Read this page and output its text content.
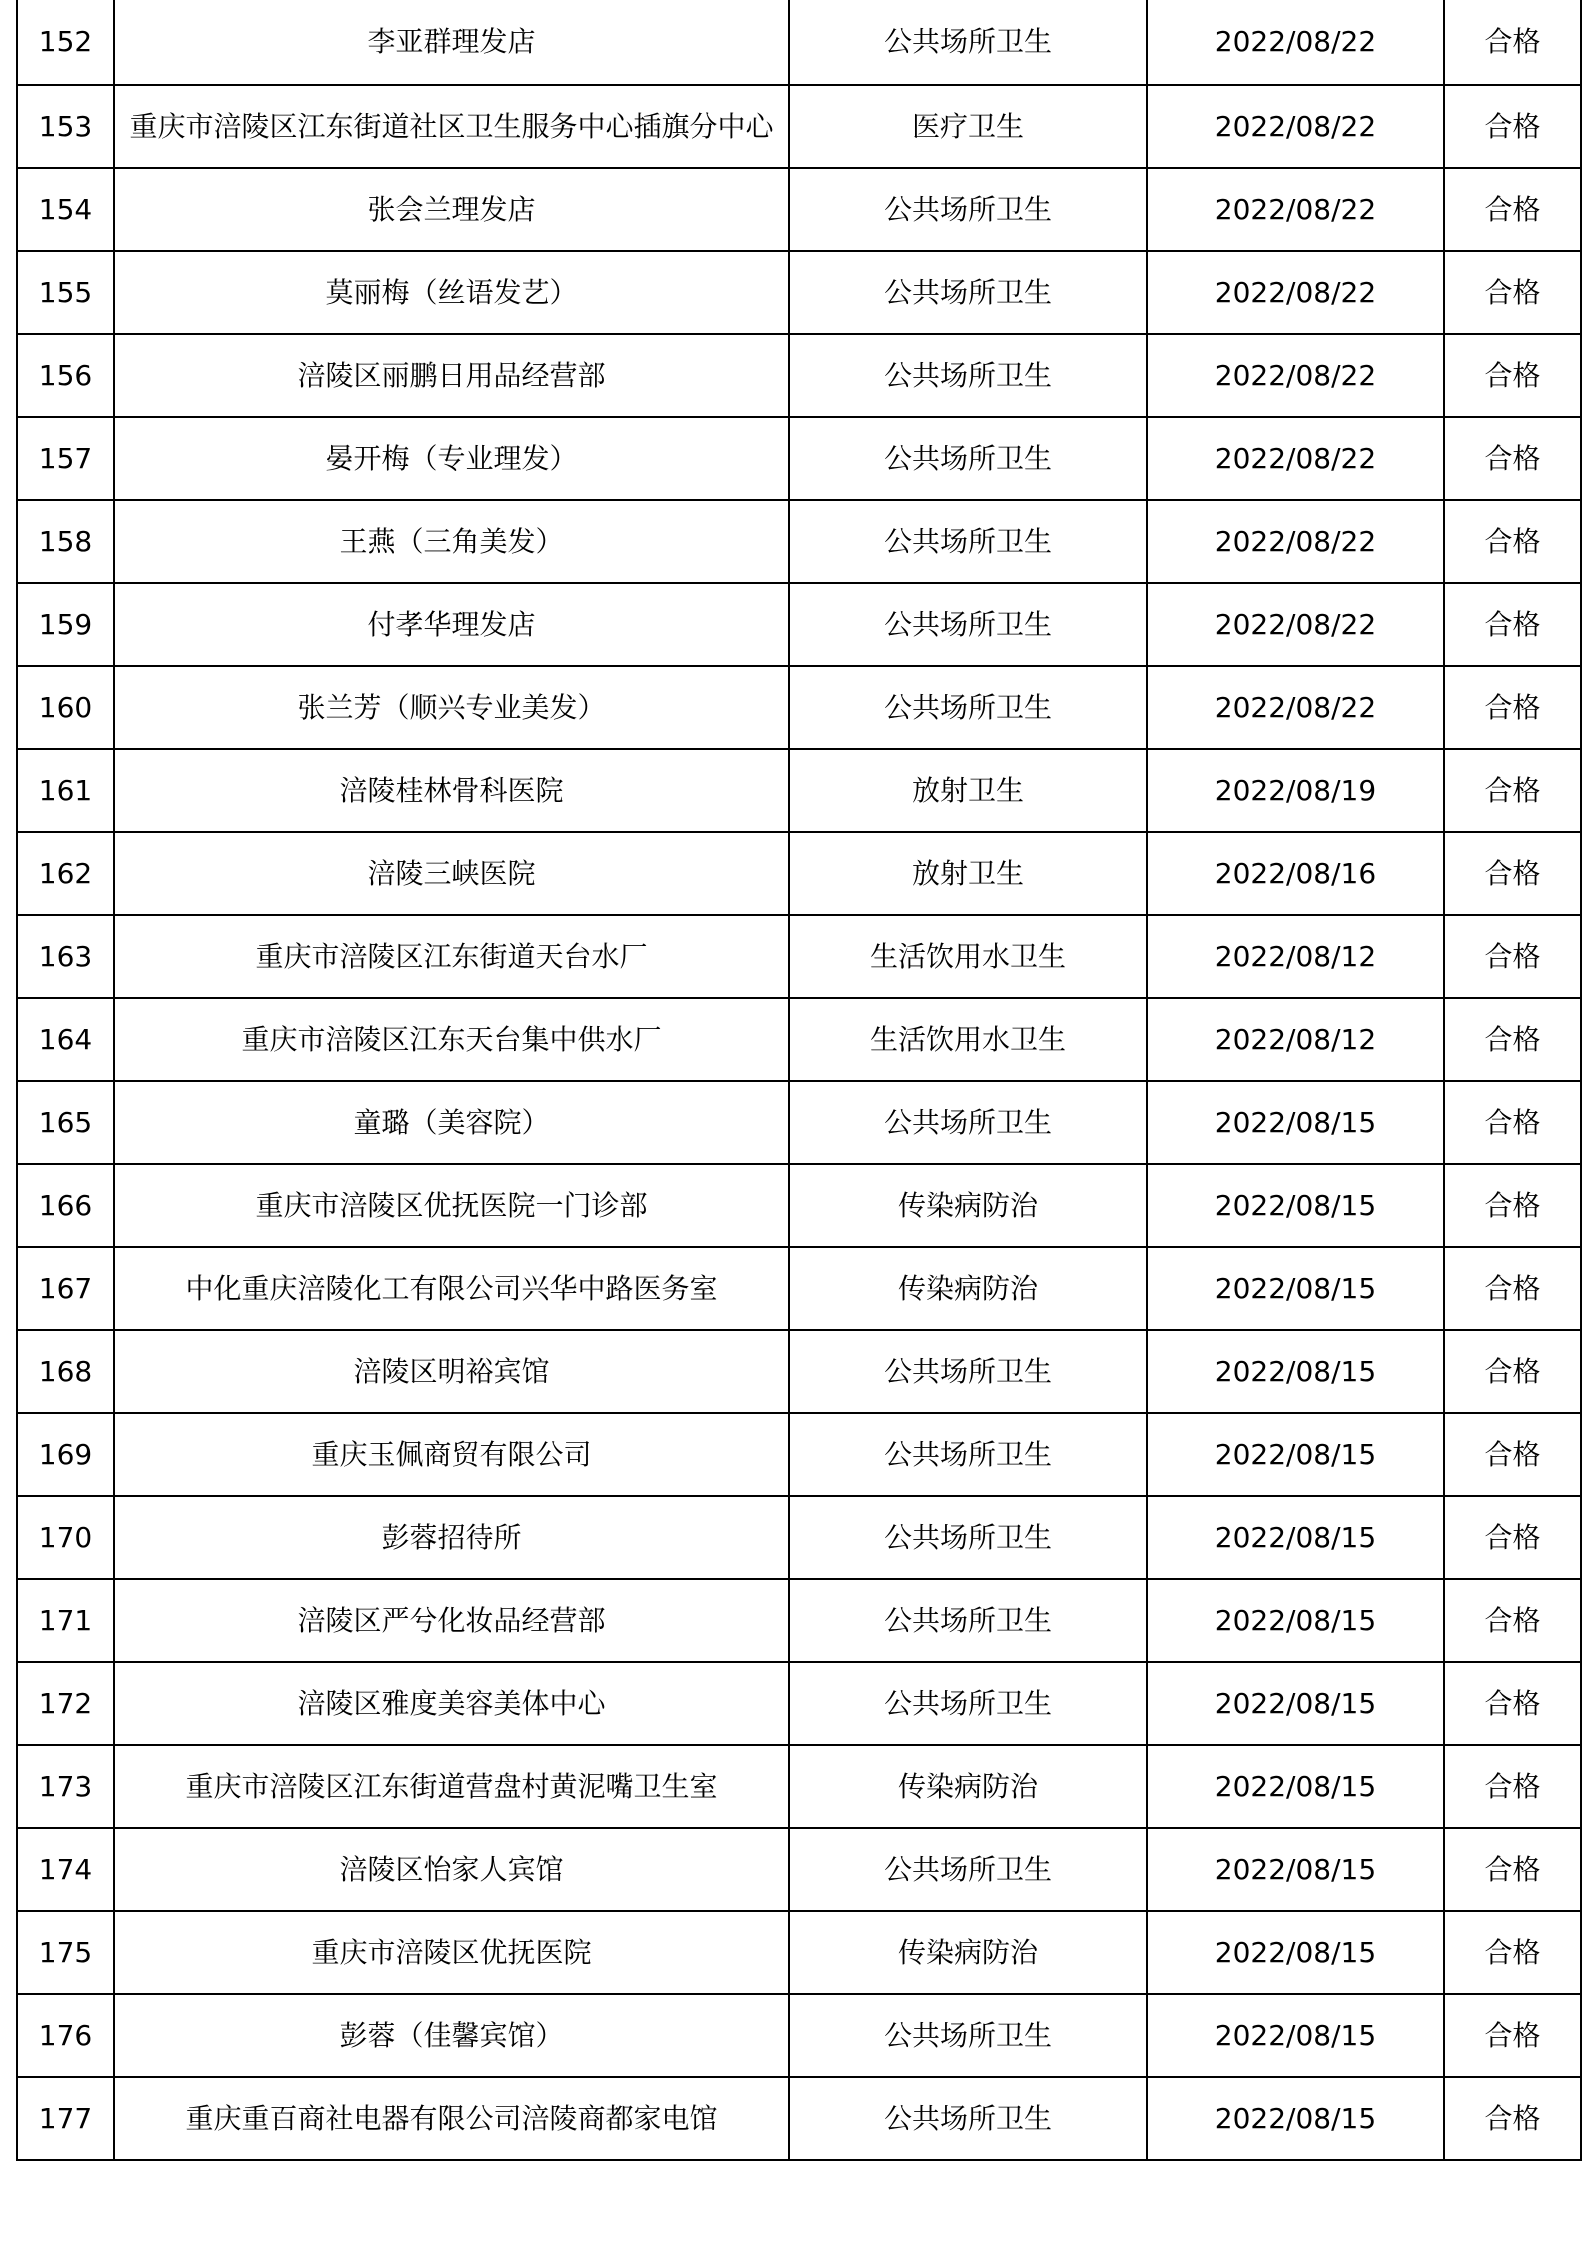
152	李亚群理发店	公共场所卫生	2022/08/22	合格
153	重庆市涪陵区江东街道社区卫生服务中心插旗分中心	医疗卫生	2022/08/22	合格
154	张会兰理发店	公共场所卫生	2022/08/22	合格
155	莫丽梅（丝语发艺）	公共场所卫生	2022/08/22	合格
156	涪陵区丽鹏日用品经营部	公共场所卫生	2022/08/22	合格
157	晏开梅（专业理发）	公共场所卫生	2022/08/22	合格
158	王燕（三角美发）	公共场所卫生	2022/08/22	合格
159	付孝华理发店	公共场所卫生	2022/08/22	合格
160	张兰芳（顺兴专业美发）	公共场所卫生	2022/08/22	合格
161	涪陵桂林骨科医院	放射卫生	2022/08/19	合格
162	涪陵三峡医院	放射卫生	2022/08/16	合格
163	重庆市涪陵区江东街道天台水厂	生活饮用水卫生	2022/08/12	合格
164	重庆市涪陵区江东天台集中供水厂	生活饮用水卫生	2022/08/12	合格
165	童璐（美容院）	公共场所卫生	2022/08/15	合格
166	重庆市涪陵区优抚医院一门诊部	传染病防治	2022/08/15	合格
167	中化重庆涪陵化工有限公司兴华中路医务室	传染病防治	2022/08/15	合格
168	涪陵区明裕宾馆	公共场所卫生	2022/08/15	合格
169	重庆玉佩商贸有限公司	公共场所卫生	2022/08/15	合格
170	彭蓉招待所	公共场所卫生	2022/08/15	合格
171	涪陵区严兮化妆品经营部	公共场所卫生	2022/08/15	合格
172	涪陵区雅度美容美体中心	公共场所卫生	2022/08/15	合格
173	重庆市涪陵区江东街道营盘村黄泥嘴卫生室	传染病防治	2022/08/15	合格
174	涪陵区怡家人宾馆	公共场所卫生	2022/08/15	合格
175	重庆市涪陵区优抚医院	传染病防治	2022/08/15	合格
176	彭蓉（佳馨宾馆）	公共场所卫生	2022/08/15	合格
177	重庆重百商社电器有限公司涪陵商都家电馆	公共场所卫生	2022/08/15	合格
